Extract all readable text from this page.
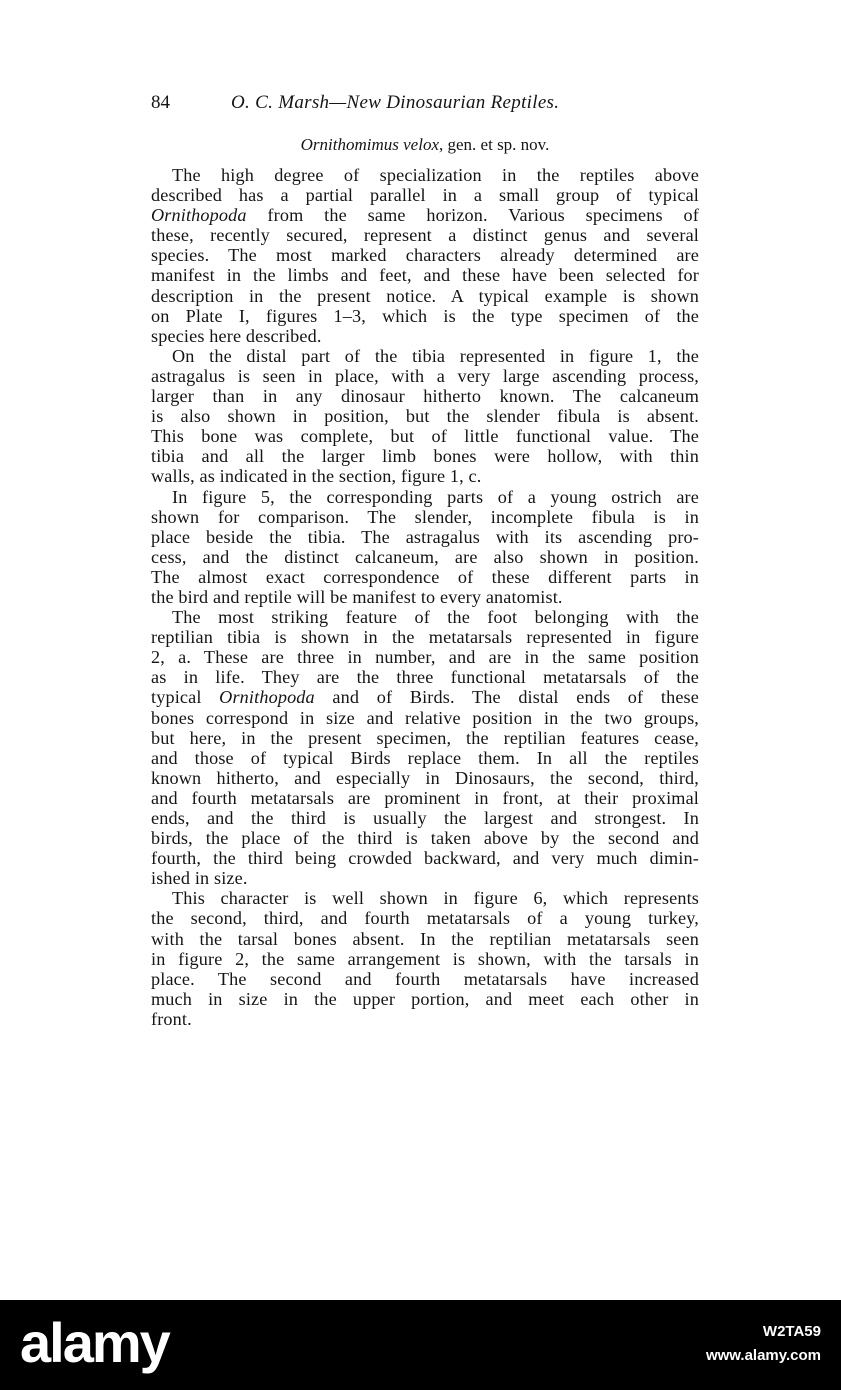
84	O. C. Marsh—New Dinosaurian Reptiles.
Ornithomimus velox, gen. et sp. nov.
The high degree of specialization in the reptiles above
described has a partial parallel in a small group of typical
Ornithopoda from the same horizon. Various specimens of
these, recently secured, represent a distinct genus and several
species. The most marked characters already determined are
manifest in the limbs and feet, and these have been selected for
description in the present notice. A typical example is shown
on Plate I, figures 1–3, which is the type specimen of the
species here described.
On the distal part of the tibia represented in figure 1, the
astragalus is seen in place, with a very large ascending process,
larger than in any dinosaur hitherto known. The calcaneum
is also shown in position, but the slender fibula is absent.
This bone was complete, but of little functional value. The
tibia and all the larger limb bones were hollow, with thin
walls, as indicated in the section, figure 1, c.
In figure 5, the corresponding parts of a young ostrich are
shown for comparison. The slender, incomplete fibula is in
place beside the tibia. The astragalus with its ascending pro-
cess, and the distinct calcaneum, are also shown in position.
The almost exact correspondence of these different parts in
the bird and reptile will be manifest to every anatomist.
The most striking feature of the foot belonging with the
reptilian tibia is shown in the metatarsals represented in figure
2, a. These are three in number, and are in the same position
as in life. They are the three functional metatarsals of the
typical Ornithopoda and of Birds. The distal ends of these
bones correspond in size and relative position in the two groups,
but here, in the present specimen, the reptilian features cease,
and those of typical Birds replace them. In all the reptiles
known hitherto, and especially in Dinosaurs, the second, third,
and fourth metatarsals are prominent in front, at their proximal
ends, and the third is usually the largest and strongest. In
birds, the place of the third is taken above by the second and
fourth, the third being crowded backward, and very much dimin-
ished in size.
This character is well shown in figure 6, which represents
the second, third, and fourth metatarsals of a young turkey,
with the tarsal bones absent. In the reptilian metatarsals seen
in figure 2, the same arrangement is shown, with the tarsals in
place. The second and fourth metatarsals have increased
much in size in the upper portion, and meet each other in
front.
alamy	W2TA59
www.alamy.com
